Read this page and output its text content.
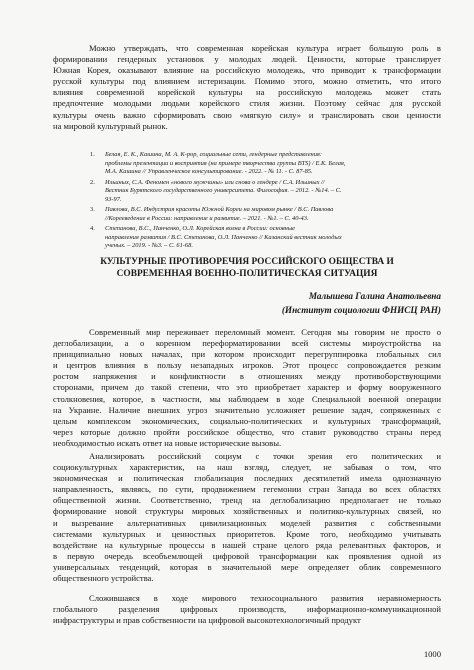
Можно утверждать, что современная корейская культура играет большую роль в
формировании гендерных установок у молодых людей. Ценности, которые транслирует
Южная Корея, оказывают влияние на российскую молодежь, что приводит к трансформации
русской культуры под влиянием истеризации. Помимо этого, можно отметить, что итого
влияния современной корейской культуры на российскую молодежь может стать
предпочтение молодыми людьми корейского стиля жизни. Поэтому сейчас для русской
культуры очень важно сформировать свою «мягкую силу» и транслировать свои ценности
на мировой культурный рынок.

1. Белая, Е. К., Кашина, М. А. К-рор, социальные сети, гендерные представления:
проблемы презентации и восприятия (на примере творчества группы BTS) / Е.К. Белая,
М.А. Кашина // Управленческое консультирование. - 2022. - № 11. - С. 87-85.
2. Ильиных, С.А. Феномен «нового мужчины» или снова о гендере / С.А. Ильиных //
Вестник Бурятского государственного университета. Философия. – 2012. - №14. – С.
93-97.
3. Павлова, В.С. Индустрия красоты Южной Кореи на мировом рынке / В.С. Павлова
//Корееведение в России: направление и развитие. – 2021. - №1. – С. 40-43.
4. Степанова, В.С., Панченко, О.Л. Корейская волна в России: основные
направления развития / В.С. Степанова, О.Л. Панченко // Казанский вестник молодых
ученых. – 2019. - №3. – С. 61-68.
КУЛЬТУРНЫЕ ПРОТИВОРЕЧИЯ РОССИЙСКОГО ОБЩЕСТВА И
СОВРЕМЕННАЯ ВОЕННО-ПОЛИТИЧЕСКАЯ СИТУАЦИЯ
Малышева Галина Анатольевна
(Институт социологии ФНИСЦ РАН)

Современный мир переживает переломный момент. Сегодня мы говорим не просто о
деглобализации, а о коренном переформатировании всей системы мироустройства на
принципиально новых началах, при котором происходит перегруппировка глобальных сил
и центров влияния в пользу незападных игроков. Этот процесс сопровождается резким
ростом напряжения и конфликтности в отношениях между противоборствующими
сторонами, причем до такой степени, что это приобретает характер и форму вооруженного
столкновения, которое, в частности, мы наблюдаем в ходе Специальной военной операции
на Украине. Наличие внешних угроз значительно усложняет решение задач, сопряженных с
целым комплексом экономических, социально-политических и культурных трансформаций,
через которые должно пройти российское общество, что ставит руководство страны перед
необходимостью искать ответ на новые исторические вызовы.

Анализировать российский социум с точки зрения его политических и
социокультурных характеристик, на наш взгляд, следует, не забывая о том, что
экономическая и политическая глобализация последних десятилетий имела однозначную
направленность, являясь, по сути, продвижением гегемонии стран Запада во всех областях
общественной жизни. Соответственно, тренд на деглобализацию предполагает не только
формирование новой структуры мировых хозяйственных и политико-культурных связей, но
и вызревание альтернативных цивилизационных моделей развития с собственными
системами культурных и ценностных приоритетов. Кроме того, необходимо учитывать
воздействие на культурные процессы в нашей стране целого ряда релевантных факторов, и
в первую очередь всеобъемлющей цифровой трансформации как проявления одной из
универсальных тенденций, которая в значительной мере определяет облик современного
общественного устройства.

Сложившаяся в ходе мирового техносоциального развития неравномерность
глобального разделения цифровых производств, информационно-коммуникационной
инфраструктуры и прав собственности на цифровой высокотехнологичный продукт

1000
